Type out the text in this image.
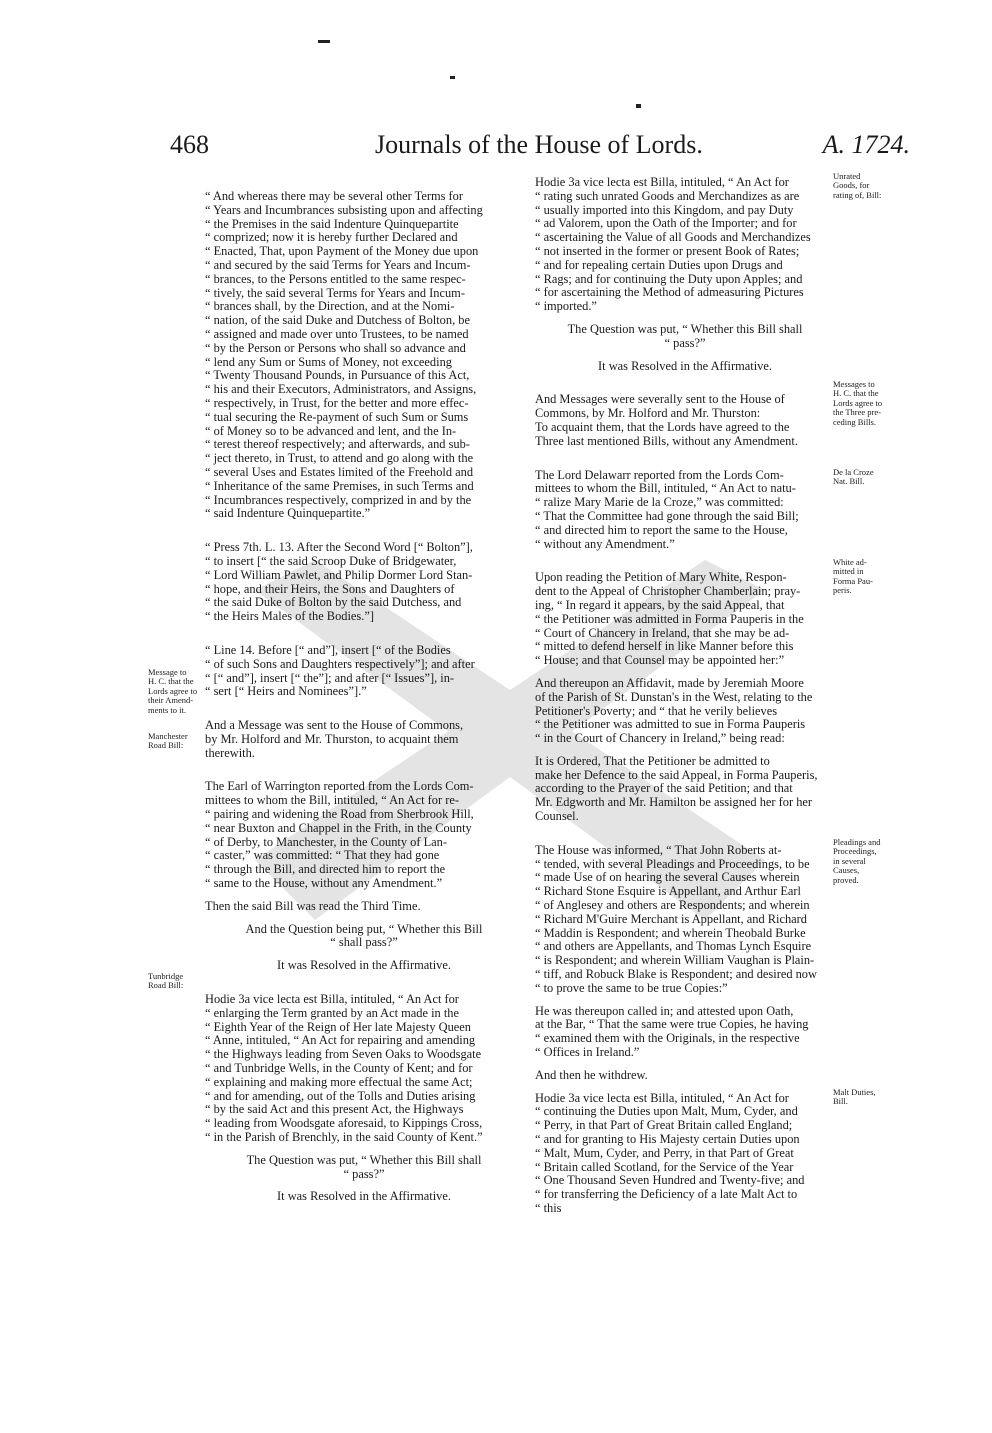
468	Journals of the House of Lords.	A. 1724.

“ And whereas there may be several other Terms for
“ Years and Incumbrances subsisting upon and affecting
“ the Premises in the said Indenture Quinquepartite
“ comprized; now it is hereby further Declared and
“ Enacted, That, upon Payment of the Money due upon
“ and secured by the said Terms for Years and Incum-
“ brances, to the Persons entitled to the same respec-
“ tively, the said several Terms for Years and Incum-
“ brances shall, by the Direction, and at the Nomi-
“ nation, of the said Duke and Dutchess of Bolton, be
“ assigned and made over unto Trustees, to be named
“ by the Person or Persons who shall so advance and
“ lend any Sum or Sums of Money, not exceeding
“ Twenty Thousand Pounds, in Pursuance of this Act,
“ his and their Executors, Administrators, and Assigns,
“ respectively, in Trust, for the better and more effec-
“ tual securing the Re-payment of such Sum or Sums
“ of Money so to be advanced and lent, and the In-
“ terest thereof respectively; and afterwards, and sub-
“ ject thereto, in Trust, to attend and go along with the
“ several Uses and Estates limited of the Freehold and
“ Inheritance of the same Premises, in such Terms and
“ Incumbrances respectively, comprized in and by the
“ said Indenture Quinquepartite.”

“ Press 7th. L. 13. After the Second Word [“ Bolton”],
“ to insert [“ the said Scroop Duke of Bridgewater,
“ Lord William Pawlet, and Philip Dormer Lord Stan-
“ hope, and their Heirs, the Sons and Daughters of
“ the said Duke of Bolton by the said Dutchess, and
“ the Heirs Males of the Bodies.”]

“ Line 14. Before [“ and”], insert [“ of the Bodies
“ of such Sons and Daughters respectively”]; and after
“ [“ and”], insert [“ the”]; and after [“ Issues”], in-
“ sert [“ Heirs and Nominees”].”

And a Message was sent to the House of Commons,
by Mr. Holford and Mr. Thurston, to acquaint them
therewith.

The Earl of Warrington reported from the Lords Com-
mittees to whom the Bill, intituled, “ An Act for re-
“ pairing and widening the Road from Sherbrook Hill,
“ near Buxton and Chappel in the Frith, in the County
“ of Derby, to Manchester, in the County of Lan-
“ caster,” was committed: “ That they had gone
“ through the Bill, and directed him to report the
“ same to the House, without any Amendment.”

Then the said Bill was read the Third Time.

And the Question being put, “ Whether this Bill
“ shall pass?”

It was Resolved in the Affirmative.

Hodie 3a vice lecta est Billa, intituled, “ An Act for
“ enlarging the Term granted by an Act made in the
“ Eighth Year of the Reign of Her late Majesty Queen
“ Anne, intituled, “ An Act for repairing and amending
“ the Highways leading from Seven Oaks to Woodsgate
“ and Tunbridge Wells, in the County of Kent; and for
“ explaining and making more effectual the same Act;
“ and for amending, out of the Tolls and Duties arising
“ by the said Act and this present Act, the Highways
“ leading from Woodsgate aforesaid, to Kippings Cross,
“ in the Parish of Brenchly, in the said County of Kent.”

The Question was put, “ Whether this Bill shall
“ pass?”

It was Resolved in the Affirmative.

Hodie 3a vice lecta est Billa, intituled, “ An Act for
“ rating such unrated Goods and Merchandizes as are
“ usually imported into this Kingdom, and pay Duty
“ ad Valorem, upon the Oath of the Importer; and for
“ ascertaining the Value of all Goods and Merchandizes
“ not inserted in the former or present Book of Rates;
“ and for repealing certain Duties upon Drugs and
“ Rags; and for continuing the Duty upon Apples; and
“ for ascertaining the Method of admeasuring Pictures
“ imported.”

The Question was put, “ Whether this Bill shall
“ pass?”

It was Resolved in the Affirmative.

And Messages were severally sent to the House of
Commons, by Mr. Holford and Mr. Thurston:
To acquaint them, that the Lords have agreed to the
Three last mentioned Bills, without any Amendment.

The Lord Delawarr reported from the Lords Com-
mittees to whom the Bill, intituled, “ An Act to natu-
“ ralize Mary Marie de la Croze,” was committed:
“ That the Committee had gone through the said Bill;
“ and directed him to report the same to the House,
“ without any Amendment.”

Upon reading the Petition of Mary White, Respon-
dent to the Appeal of Christopher Chamberlain; pray-
ing, “ In regard it appears, by the said Appeal, that
“ the Petitioner was admitted in Forma Pauperis in the
“ Court of Chancery in Ireland, that she may be ad-
“ mitted to defend herself in like Manner before this
“ House; and that Counsel may be appointed her:”

And thereupon an Affidavit, made by Jeremiah Moore
of the Parish of St. Dunstan's in the West, relating to the
Petitioner's Poverty; and “ that he verily believes
“ the Petitioner was admitted to sue in Forma Pauperis
“ in the Court of Chancery in Ireland,” being read:

It is Ordered, That the Petitioner be admitted to
make her Defence to the said Appeal, in Forma Pauperis,
according to the Prayer of the said Petition; and that
Mr. Edgworth and Mr. Hamilton be assigned her for her
Counsel.

The House was informed, “ That John Roberts at-
“ tended, with several Pleadings and Proceedings, to be
“ made Use of on hearing the several Causes wherein
“ Richard Stone Esquire is Appellant, and Arthur Earl
“ of Anglesey and others are Respondents; and wherein
“ Richard M'Guire Merchant is Appellant, and Richard
“ Maddin is Respondent; and wherein Theobald Burke
“ and others are Appellants, and Thomas Lynch Esquire
“ is Respondent; and wherein William Vaughan is Plain-
“ tiff, and Robuck Blake is Respondent; and desired now
“ to prove the same to be true Copies:”

He was thereupon called in; and attested upon Oath,
at the Bar, “ That the same were true Copies, he having
“ examined them with the Originals, in the respective
“ Offices in Ireland.”

And then he withdrew.

Hodie 3a vice lecta est Billa, intituled, “ An Act for
“ continuing the Duties upon Malt, Mum, Cyder, and
“ Perry, in that Part of Great Britain called England;
“ and for granting to His Majesty certain Duties upon
“ Malt, Mum, Cyder, and Perry, in that Part of Great
“ Britain called Scotland, for the Service of the Year
“ One Thousand Seven Hundred and Twenty-five; and
“ for transferring the Deficiency of a late Malt Act to
“ this

Message to
H. C. that the
Lords agree to
their Amend-
ments to it.
Manchester
Road Bill:
Tunbridge
Road Bill:
Unrated
Goods, for
rating of, Bill:
Messages to
H. C. that the
Lords agree to
the Three pre-
ceding Bills.
De la Croze
Nat. Bill.
White ad-
mitted in
Forma Pau-
peris.
Pleadings and
Proceedings,
in several
Causes,
proved.
Malt Duties,
Bill.
